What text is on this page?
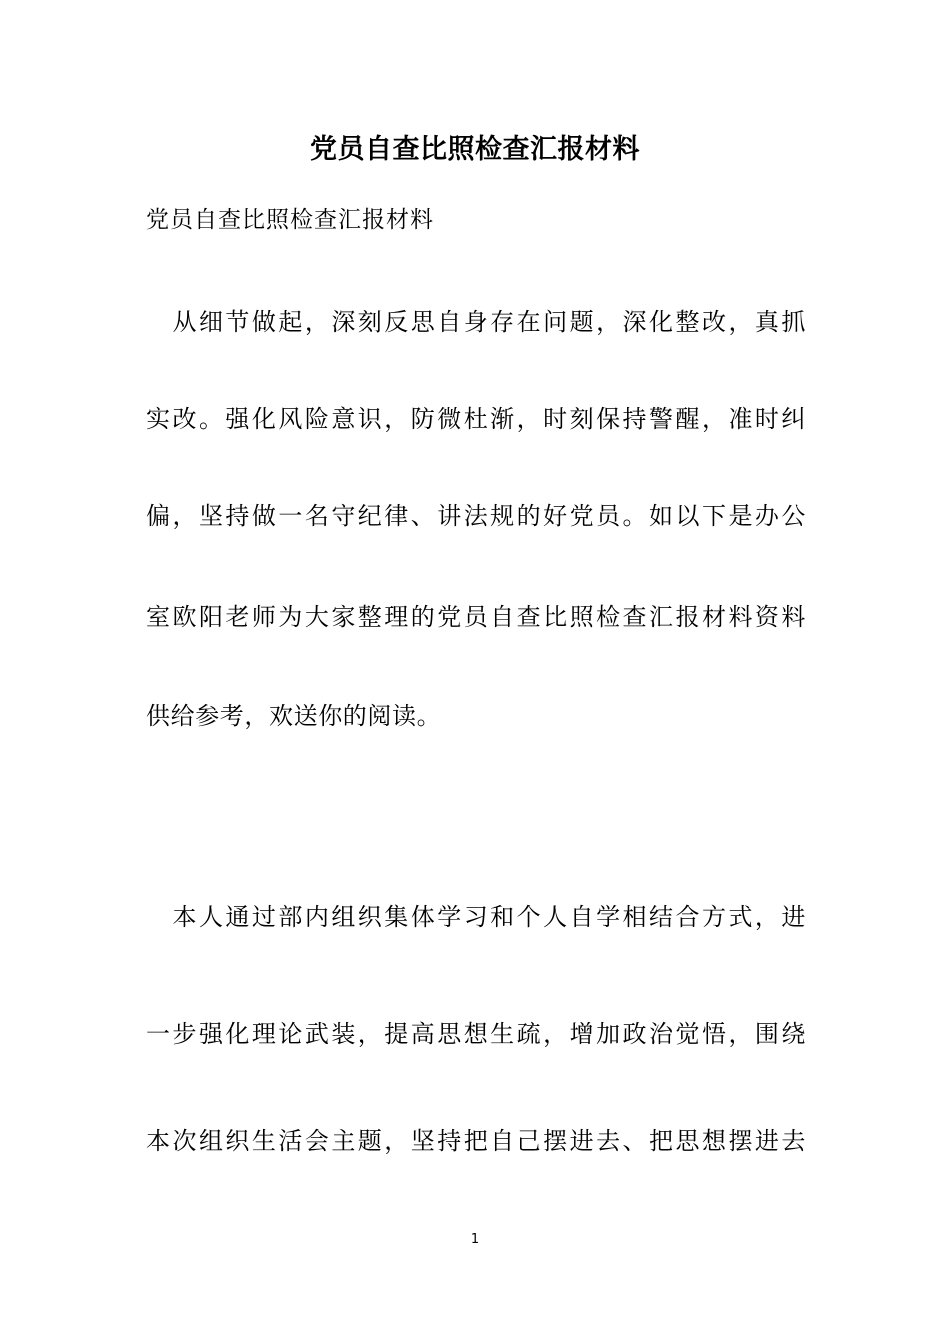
党员自查比照检查汇报材料
党员自查比照检查汇报材料
　从细节做起，深刻反思自身存在问题，深化整改，真抓
实改。强化风险意识，防微杜渐，时刻保持警醒，准时纠
偏，坚持做一名守纪律、讲法规的好党员。如以下是办公
室欧阳老师为大家整理的党员自查比照检查汇报材料资料
供给参考，欢送你的阅读。
　本人通过部内组织集体学习和个人自学相结合方式，进
一步强化理论武装，提高思想生疏，增加政治觉悟，围绕
本次组织生活会主题，坚持把自己摆进去、把思想摆进去
1
